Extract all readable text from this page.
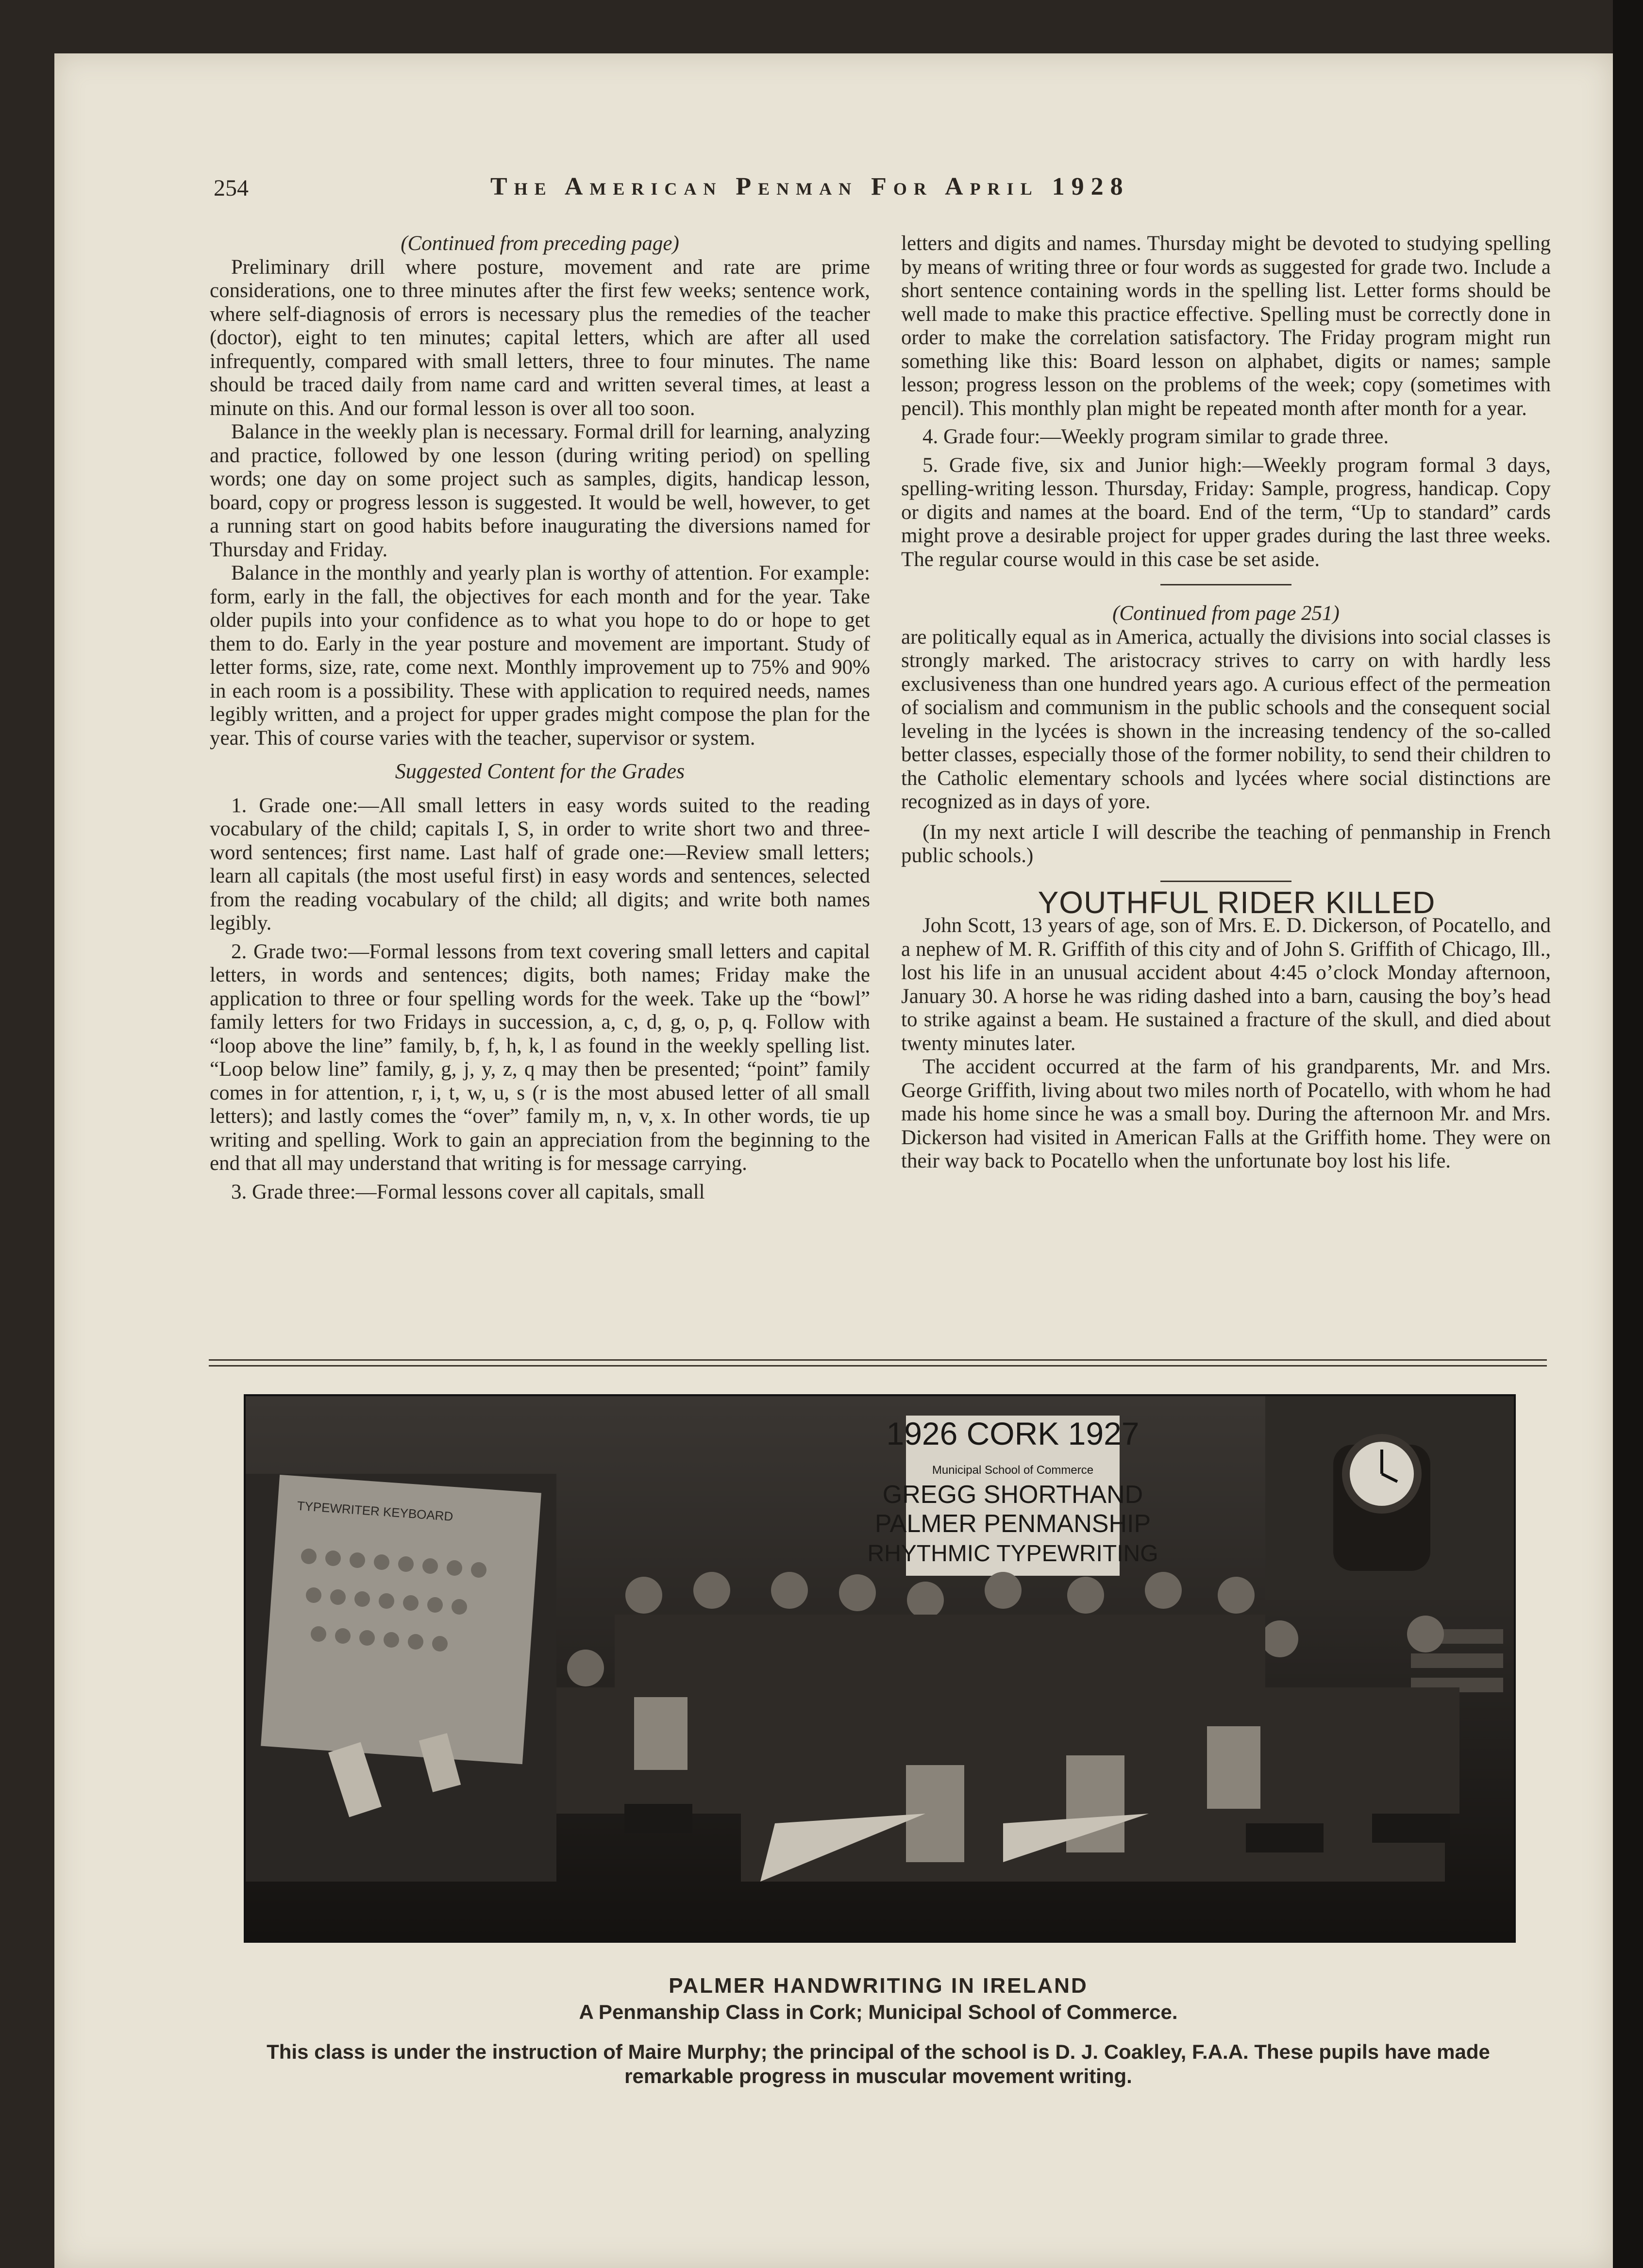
254	The American Penman For April 1928

(Continued from preceding page)

Preliminary drill where posture, movement and rate are prime considerations, one to three minutes after the first few weeks; sentence work, where self-diagnosis of errors is necessary plus the remedies of the teacher (doctor), eight to ten minutes; capital letters, which are after all used infrequently, compared with small letters, three to four minutes. The name should be traced daily from name card and written several times, at least a minute on this. And our formal lesson is over all too soon.

Balance in the weekly plan is necessary. Formal drill for learning, analyzing and practice, followed by one lesson (during writing period) on spelling words; one day on some project such as samples, digits, handicap lesson, board, copy or progress lesson is suggested. It would be well, however, to get a running start on good habits before inaugurating the diversions named for Thursday and Friday.

Balance in the monthly and yearly plan is worthy of attention. For example: form, early in the fall, the objectives for each month and for the year. Take older pupils into your confidence as to what you hope to do or hope to get them to do. Early in the year posture and movement are important. Study of letter forms, size, rate, come next. Monthly improvement up to 75% and 90% in each room is a possibility. These with application to required needs, names legibly written, and a project for upper grades might compose the plan for the year. This of course varies with the teacher, supervisor or system.

Suggested Content for the Grades

1. Grade one:—All small letters in easy words suited to the reading vocabulary of the child; capitals I, S, in order to write short two and three-word sentences; first name. Last half of grade one:—Review small letters; learn all capitals (the most useful first) in easy words and sentences, selected from the reading vocabulary of the child; all digits; and write both names legibly.

2. Grade two:—Formal lessons from text covering small letters and capital letters, in words and sentences; digits, both names; Friday make the application to three or four spelling words for the week. Take up the “bowl” family letters for two Fridays in succession, a, c, d, g, o, p, q. Follow with “loop above the line” family, b, f, h, k, l as found in the weekly spelling list. “Loop below line” family, g, j, y, z, q may then be presented; “point” family comes in for attention, r, i, t, w, u, s (r is the most abused letter of all small letters); and lastly comes the “over” family m, n, v, x. In other words, tie up writing and spelling. Work to gain an appreciation from the beginning to the end that all may understand that writing is for message carrying.

3. Grade three:—Formal lessons cover all capitals, small

letters and digits and names. Thursday might be devoted to studying spelling by means of writing three or four words as suggested for grade two. Include a short sentence containing words in the spelling list. Letter forms should be well made to make this practice effective. Spelling must be correctly done in order to make the correlation satisfactory. The Friday program might run something like this: Board lesson on alphabet, digits or names; sample lesson; progress lesson on the problems of the week; copy (sometimes with pencil). This monthly plan might be repeated month after month for a year.

4. Grade four:—Weekly program similar to grade three.

5. Grade five, six and Junior high:—Weekly program formal 3 days, spelling-writing lesson. Thursday, Friday: Sample, progress, handicap. Copy or digits and names at the board. End of the term, “Up to standard” cards might prove a desirable project for upper grades during the last three weeks. The regular course would in this case be set aside.

(Continued from page 251)

are politically equal as in America, actually the divisions into social classes is strongly marked. The aristocracy strives to carry on with hardly less exclusiveness than one hundred years ago. A curious effect of the permeation of socialism and communism in the public schools and the consequent social leveling in the lycées is shown in the increasing tendency of the so-called better classes, especially those of the former nobility, to send their children to the Catholic elementary schools and lycées where social distinctions are recognized as in days of yore.

(In my next article I will describe the teaching of penmanship in French public schools.)

YOUTHFUL RIDER KILLED

John Scott, 13 years of age, son of Mrs. E. D. Dickerson, of Pocatello, and a nephew of M. R. Griffith of this city and of John S. Griffith of Chicago, Ill., lost his life in an unusual accident about 4:45 o’clock Monday afternoon, January 30. A horse he was riding dashed into a barn, causing the boy’s head to strike against a beam. He sustained a fracture of the skull, and died about twenty minutes later.

The accident occurred at the farm of his grandparents, Mr. and Mrs. George Griffith, living about two miles north of Pocatello, with whom he had made his home since he was a small boy. During the afternoon Mr. and Mrs. Dickerson had visited in American Falls at the Griffith home. They were on their way back to Pocatello when the unfortunate boy lost his life.

TYPEWRITER KEYBOARD
1926 CORK 1927
Municipal School of Commerce
GREGG SHORTHAND
PALMER PENMANSHIP
RHYTHMIC TYPEWRITING
PALMER HANDWRITING IN IRELAND
A Penmanship Class in Cork; Municipal School of Commerce.
This class is under the instruction of Maire Murphy; the principal of the school is D. J. Coakley, F.A.A. These pupils have made remarkable progress in muscular movement writing.
